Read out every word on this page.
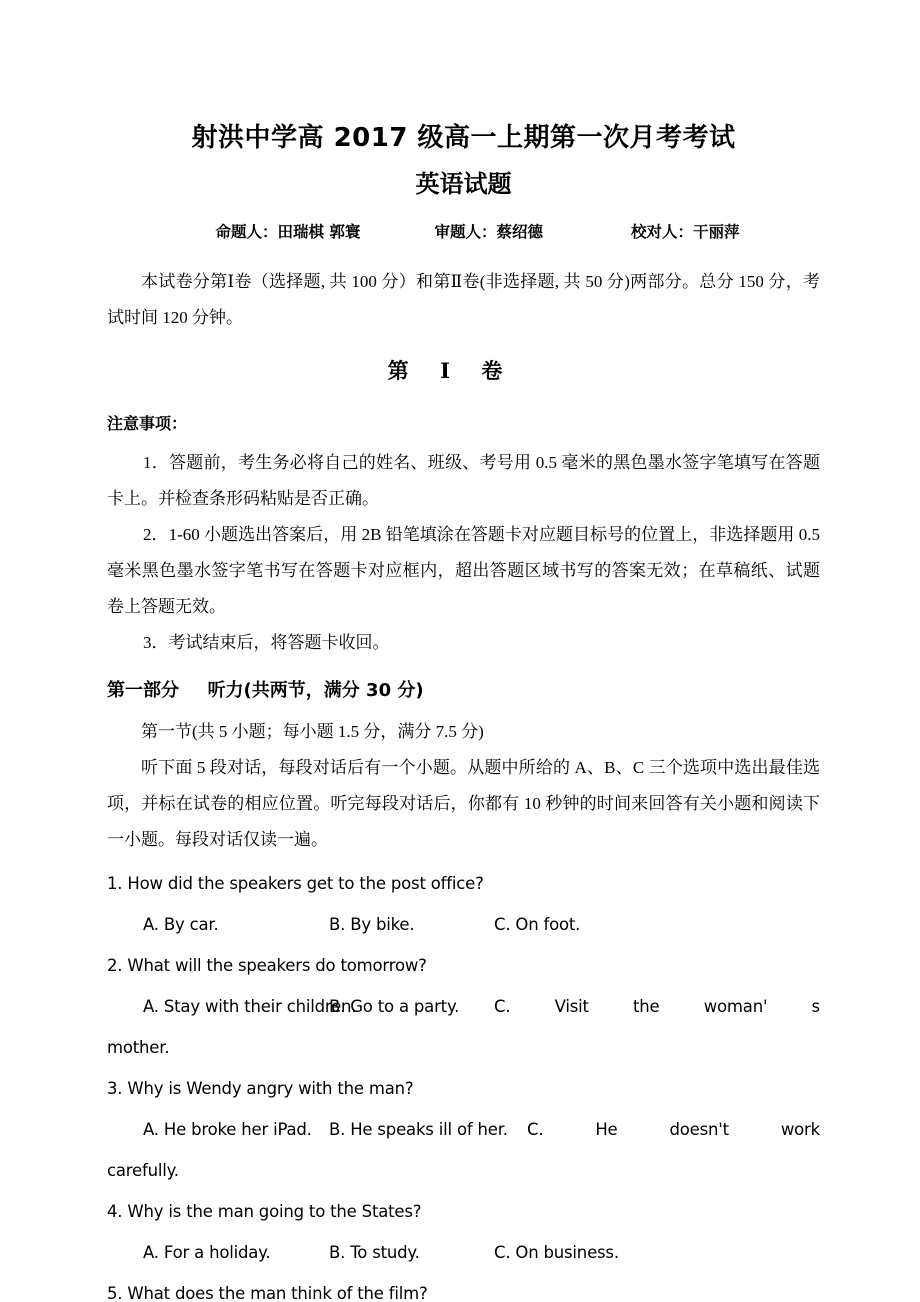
射洪中学高 2017 级高一上期第一次月考考试
英语试题
命题人：田瑞棋 郭寰	审题人：蔡绍德	校对人：干丽萍

本试卷分第Ⅰ卷（选择题, 共 100 分）和第Ⅱ卷(非选择题, 共 50 分)两部分。总分 150 分，考试时间 120 分钟。

第 Ⅰ 卷

注意事项：

1．答题前，考生务必将自己的姓名、班级、考号用 0.5 毫米的黑色墨水签字笔填写在答题卡上。并检查条形码粘贴是否正确。

2．1-60 小题选出答案后，用 2B 铅笔填涂在答题卡对应题目标号的位置上，非选择题用 0.5 毫米黑色墨水签字笔书写在答题卡对应框内，超出答题区域书写的答案无效；在草稿纸、试题卷上答题无效。

3．考试结束后，将答题卡收回。

第一部分 听力(共两节，满分 30 分)

第一节(共 5 小题；每小题 1.5 分，满分 7.5 分)

听下面 5 段对话，每段对话后有一个小题。从题中所给的 A、B、C 三个选项中选出最佳选项，并标在试卷的相应位置。听完每段对话后，你都有 10 秒钟的时间来回答有关小题和阅读下一小题。每段对话仅读一遍。

1. How did the speakers get to the post office?

A. By car.	B. By bike.	C. On foot.

2. What will the speakers do tomorrow?

A. Stay with their children.
B. Go to a party.	C.	Visit	the	woman'	s

mother.

3. Why is Wendy angry with the man?

A. He broke her iPad.	B. He speaks ill of her.	C.	He	doesn't	work

carefully.

4. Why is the man going to the States?

A. For a holiday.	B. To study.	C. On business.

5. What does the man think of the film?
